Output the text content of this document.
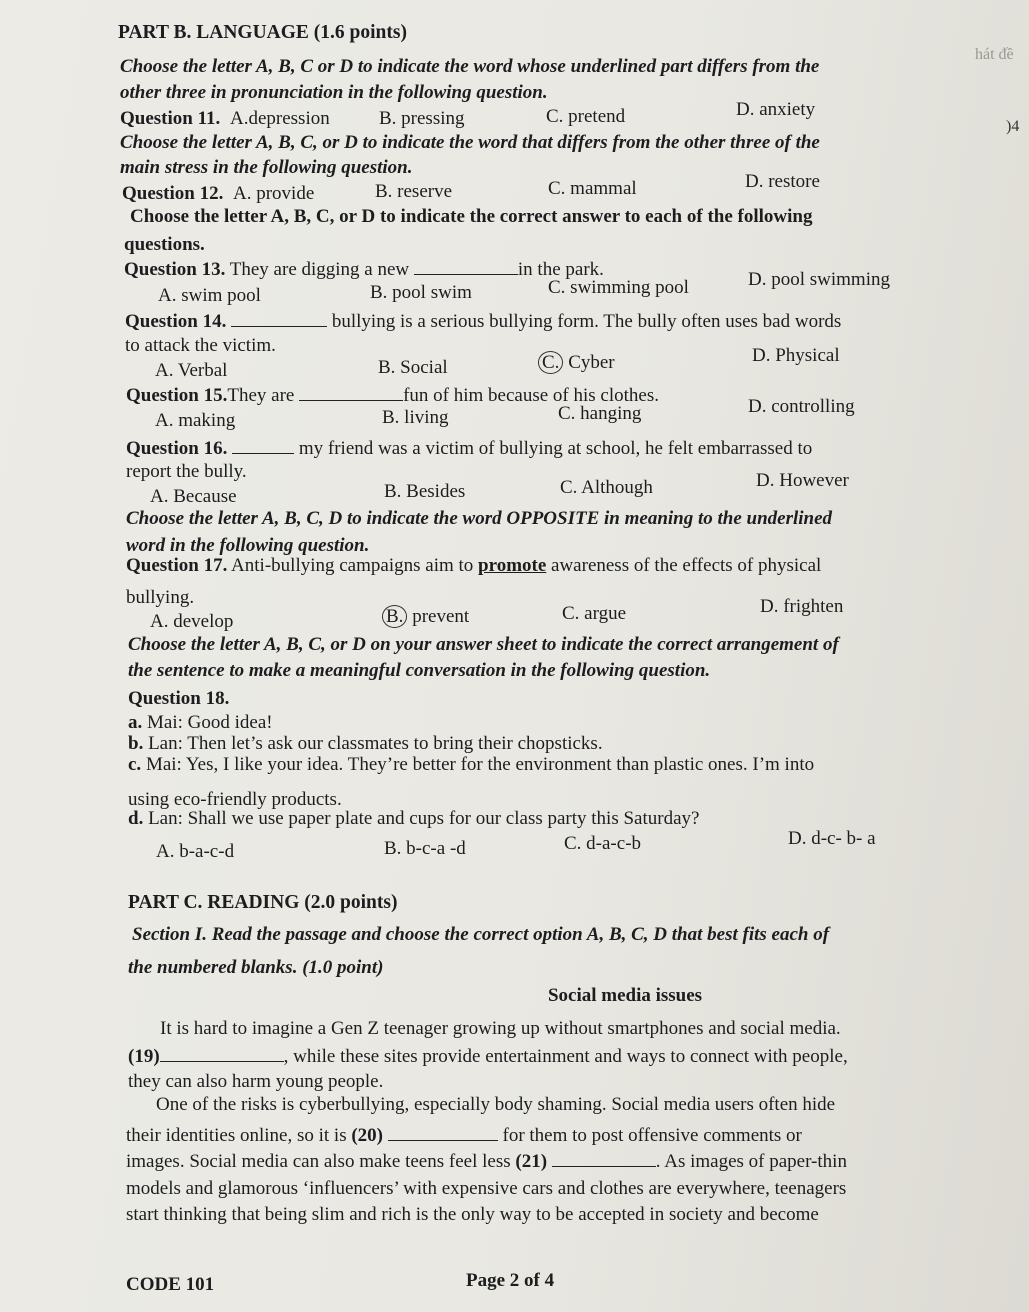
hát đề
)4
PART B. LANGUAGE (1.6 points)
Choose the letter A, B, C or D to indicate the word whose underlined part differs from the
other three in pronunciation in the following question.
Question 11. A.depression	B. pressing	C. pretend	D. anxiety
Choose the letter A, B, C, or D to indicate the word that differs from the other three of the
main stress in the following question.
Question 12. A. provide	B. reserve	C. mammal	D. restore
Choose the letter A, B, C, or D to indicate the correct answer to each of the following
questions.
Question 13. They are digging a new	in the park.
A. swim pool	B. pool swim	C. swimming pool	D. pool swimming
Question 14.	bullying is a serious bullying form. The bully often uses bad words
to attack the victim.
A. Verbal	B. Social	C. Cyber	D. Physical
Question 15.They are	fun of him because of his clothes.
A. making	B. living	C. hanging	D. controlling
Question 16.	my friend was a victim of bullying at school, he felt embarrassed to
report the bully.
A. Because	B. Besides	C. Although	D. However
Choose the letter A, B, C, D to indicate the word OPPOSITE in meaning to the underlined
word in the following question.
Question 17. Anti-bullying campaigns aim to promote awareness of the effects of physical
bullying.
A. develop	B. prevent	C. argue	D. frighten
Choose the letter A, B, C, or D on your answer sheet to indicate the correct arrangement of
the sentence to make a meaningful conversation in the following question.
Question 18.
a. Mai: Good idea!
b. Lan: Then let’s ask our classmates to bring their chopsticks.
c. Mai: Yes, I like your idea. They’re better for the environment than plastic ones. I’m into
using eco-friendly products.
d. Lan: Shall we use paper plate and cups for our class party this Saturday?
A. b-a-c-d	B. b-c-a -d	C. d-a-c-b	D. d-c- b- a
PART C. READING (2.0 points)
Section I. Read the passage and choose the correct option A, B, C, D that best fits each of
the numbered blanks. (1.0 point)
Social media issues
It is hard to imagine a Gen Z teenager growing up without smartphones and social media.
(19)	, while these sites provide entertainment and ways to connect with people,
they can also harm young people.
One of the risks is cyberbullying, especially body shaming. Social media users often hide
their identities online, so it is (20)	for them to post offensive comments or
images. Social media can also make teens feel less (21)	. As images of paper-thin
models and glamorous ‘influencers’ with expensive cars and clothes are everywhere, teenagers
start thinking that being slim and rich is the only way to be accepted in society and become
CODE 101	Page 2 of 4
